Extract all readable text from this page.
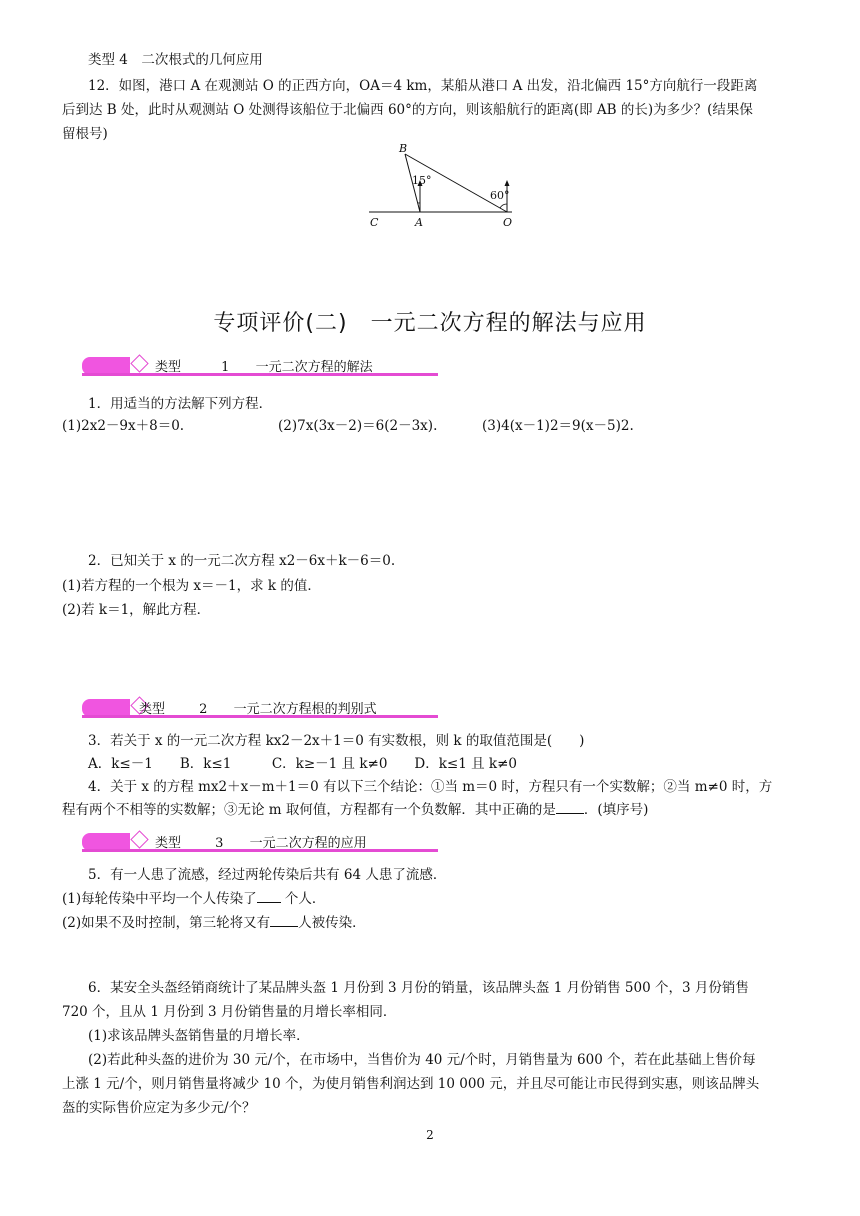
类型 4　二次根式的几何应用
12．如图，港口 A 在观测站 O 的正西方向，OA＝4 km，某船从港口 A 出发，沿北偏西 15°方向航行一段距离
后到达 B 处，此时从观测站 O 处测得该船位于北偏西 60°的方向，则该船航行的距离(即 AB 的长)为多少？(结果保
留根号)
B
15°
60°
C	A	O
专项评价(二)　一元二次方程的解法与应用
类型	1 一元二次方程的解法
1．用适当的方法解下列方程．
(1)2x2－9x＋8＝0.	(2)7x(3x－2)＝6(2－3x).	(3)4(x－1)2＝9(x－5)2.
2．已知关于 x 的一元二次方程 x2－6x＋k－6＝0.
(1)若方程的一个根为 x＝－1，求 k 的值．
(2)若 k＝1，解此方程．
类型	2 一元二次方程根的判别式
3．若关于 x 的一元二次方程 kx2－2x＋1＝0 有实数根，则 k 的取值范围是(　　)
A．k≤－1　　B．k≤1　　　C．k≥－1 且 k≠0　　D．k≤1 且 k≠0
4．关于 x 的方程 mx2＋x－m＋1＝0 有以下三个结论：①当 m＝0 时，方程只有一个实数解；②当 m≠0 时，方
程有两个不相等的实数解；③无论 m 取何值，方程都有一个负数解．其中正确的是 ．(填序号)
类型	3 一元二次方程的应用
5．有一人患了流感，经过两轮传染后共有 64 人患了流感．
(1)每轮传染中平均一个人传染了 个人．
(2)如果不及时控制，第三轮将又有 人被传染．
6．某安全头盔经销商统计了某品牌头盔 1 月份到 3 月份的销量，该品牌头盔 1 月份销售 500 个，3 月份销售
720 个，且从 1 月份到 3 月份销售量的月增长率相同．
(1)求该品牌头盔销售量的月增长率．
(2)若此种头盔的进价为 30 元/个，在市场中，当售价为 40 元/个时，月销售量为 600 个，若在此基础上售价每
上涨 1 元/个，则月销售量将减少 10 个，为使月销售利润达到 10 000 元，并且尽可能让市民得到实惠，则该品牌头
盔的实际售价应定为多少元/个？
2
